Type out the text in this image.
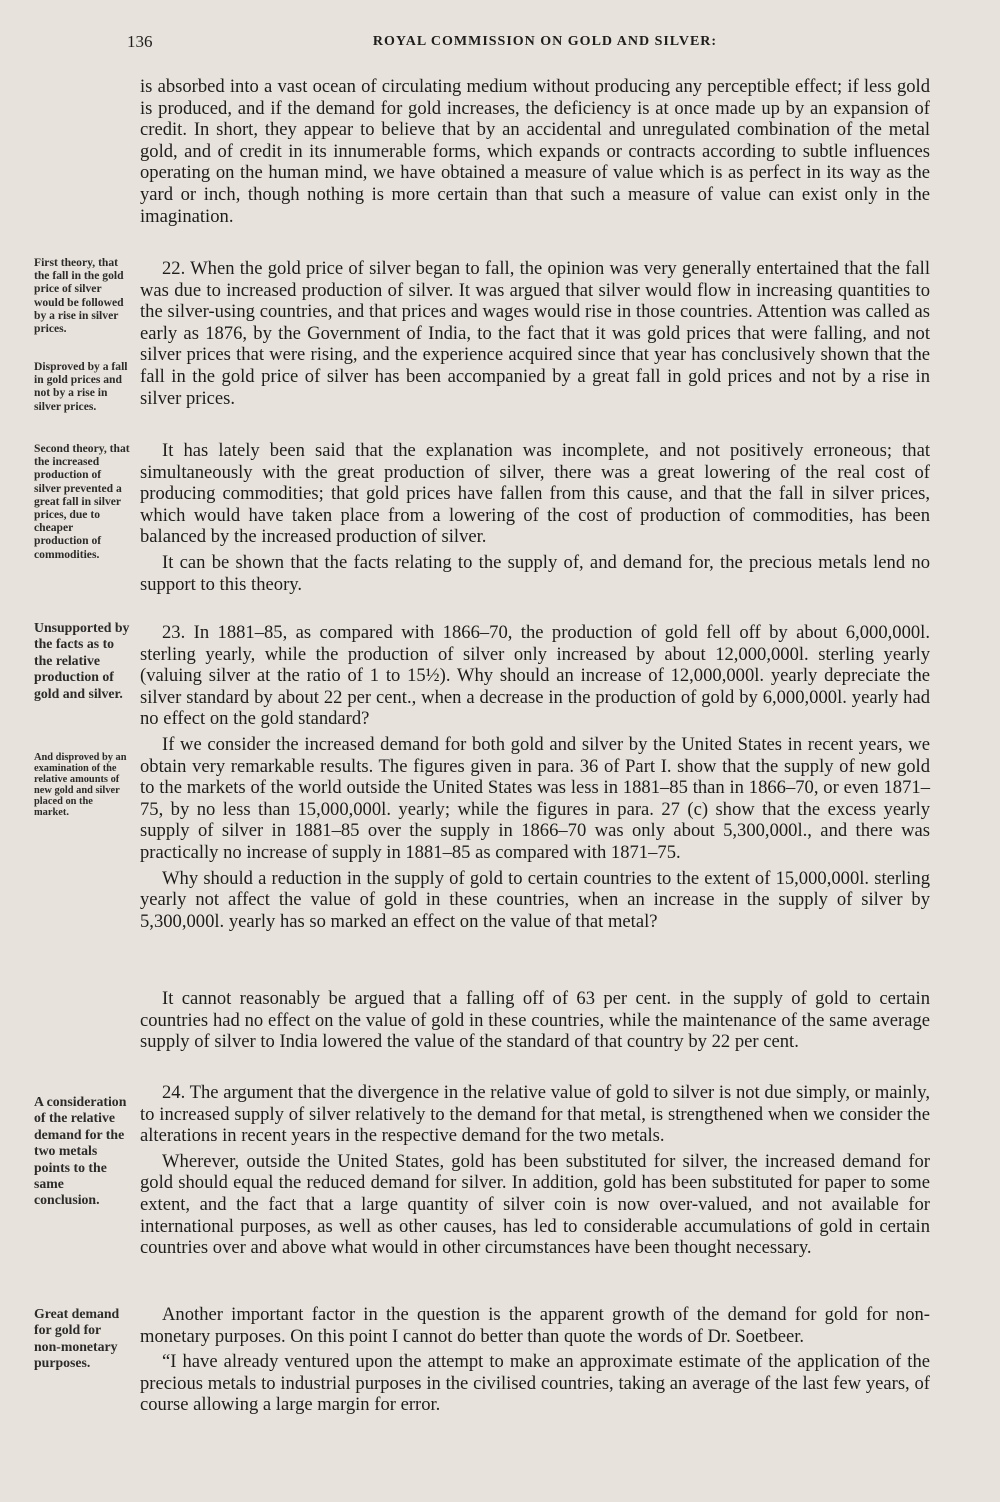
136	ROYAL COMMISSION ON GOLD AND SILVER:
First theory, that the fall in the gold price of silver would be followed by a rise in silver prices.
Disproved by a fall in gold prices and not by a rise in silver prices.
Second theory, that the increased production of silver prevented a great fall in silver prices, due to cheaper production of commodities.
Unsupported by the facts as to the relative production of gold and silver.
And disproved by an examination of the relative amounts of new gold and silver placed on the market.
A consideration of the relative demand for the two metals points to the same conclusion.
Great demand for gold for non-monetary purposes.

is absorbed into a vast ocean of circulating medium without producing any perceptible effect; if less gold is produced, and if the demand for gold increases, the deficiency is at once made up by an expansion of credit. In short, they appear to believe that by an accidental and unregulated combination of the metal gold, and of credit in its innumerable forms, which expands or contracts according to subtle influences operating on the human mind, we have obtained a measure of value which is as perfect in its way as the yard or inch, though nothing is more certain than that such a measure of value can exist only in the imagination.

22. When the gold price of silver began to fall, the opinion was very generally entertained that the fall was due to increased production of silver. It was argued that silver would flow in increasing quantities to the silver-using countries, and that prices and wages would rise in those countries. Attention was called as early as 1876, by the Government of India, to the fact that it was gold prices that were falling, and not silver prices that were rising, and the experience acquired since that year has conclusively shown that the fall in the gold price of silver has been accompanied by a great fall in gold prices and not by a rise in silver prices.

It has lately been said that the explanation was incomplete, and not positively erroneous; that simultaneously with the great production of silver, there was a great lowering of the real cost of producing commodities; that gold prices have fallen from this cause, and that the fall in silver prices, which would have taken place from a lowering of the cost of production of commodities, has been balanced by the increased production of silver.

It can be shown that the facts relating to the supply of, and demand for, the precious metals lend no support to this theory.

23. In 1881–85, as compared with 1866–70, the production of gold fell off by about 6,000,000l. sterling yearly, while the production of silver only increased by about 12,000,000l. sterling yearly (valuing silver at the ratio of 1 to 15½). Why should an increase of 12,000,000l. yearly depreciate the silver standard by about 22 per cent., when a decrease in the production of gold by 6,000,000l. yearly had no effect on the gold standard?

If we consider the increased demand for both gold and silver by the United States in recent years, we obtain very remarkable results. The figures given in para. 36 of Part I. show that the supply of new gold to the markets of the world outside the United States was less in 1881–85 than in 1866–70, or even 1871–75, by no less than 15,000,000l. yearly; while the figures in para. 27 (c) show that the excess yearly supply of silver in 1881–85 over the supply in 1866–70 was only about 5,300,000l., and there was practically no increase of supply in 1881–85 as compared with 1871–75.

Why should a reduction in the supply of gold to certain countries to the extent of 15,000,000l. sterling yearly not affect the value of gold in these countries, when an increase in the supply of silver by 5,300,000l. yearly has so marked an effect on the value of that metal?

It cannot reasonably be argued that a falling off of 63 per cent. in the supply of gold to certain countries had no effect on the value of gold in these countries, while the maintenance of the same average supply of silver to India lowered the value of the standard of that country by 22 per cent.

24. The argument that the divergence in the relative value of gold to silver is not due simply, or mainly, to increased supply of silver relatively to the demand for that metal, is strengthened when we consider the alterations in recent years in the respective demand for the two metals.

Wherever, outside the United States, gold has been substituted for silver, the increased demand for gold should equal the reduced demand for silver. In addition, gold has been substituted for paper to some extent, and the fact that a large quantity of silver coin is now over-valued, and not available for international purposes, as well as other causes, has led to considerable accumulations of gold in certain countries over and above what would in other circumstances have been thought necessary.

Another important factor in the question is the apparent growth of the demand for gold for non-monetary purposes. On this point I cannot do better than quote the words of Dr. Soetbeer.

“I have already ventured upon the attempt to make an approximate estimate of the application of the precious metals to industrial purposes in the civilised countries, taking an average of the last few years, of course allowing a large margin for error.
